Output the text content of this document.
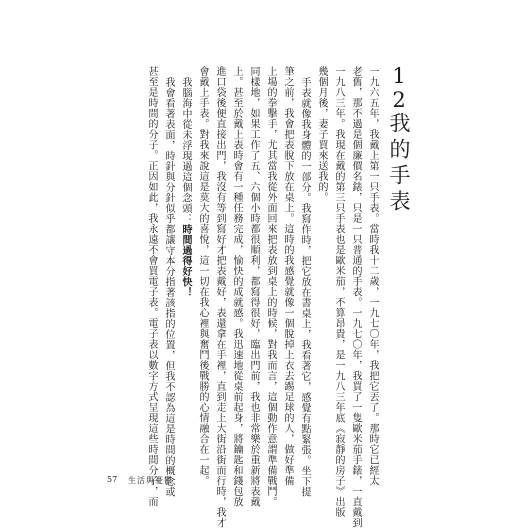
12我的手表
一九六五年，我戴上第一只手表。當時我十二歲，一九七〇年，我把它丟了。那時它已經太
老舊，那不過是個廉價名錶，只是一只普通的手表。一九七〇年，我買了一隻歐米茄手錶，一直戴到
一九八三年。我現在戴的第三只手表也是歐米茄，不算昂貴，是一九八三年底《寂靜的房子》出版
幾個月後，妻子買來送我的。
手表就像我身體的一部分。我寫作時，把它放在書桌上，我看著它，感覺有點緊張。坐下提
筆之前，我會把表脫下放在桌上。這時的我感覺就像一個脫掉上衣去踢足球的人，做好準備
上場的拳擊手，尤其當我從外面回來把表放到桌上的時候，對我而言，這個動作意謂準備戰鬥。
同樣地，如果工作了五、六個小時都很順利，都寫得很好，臨出門前，我也非常樂於重新將表戴
上。甚至於戴上表時會有一種任務完成，愉快的成就感。我迅速地從桌前起身，將鑰匙和錢包放
進口袋後便直接出門，我沒有等到寫好才把表戴好，表還拿在手裡，直到走上大街沿街而行時，我才
會戴上手表。對我來說這是莫大的喜悅，這一切在我心裡與奮鬥後戰勝的心情融合在一起。
我腦海中從未浮現過這個念頭：時間過得好快！
我會看著表面，時針與分針似乎都讓守本分指著該指的位置，但我不認為這是時間的概念或
甚至是時間的分子。正因如此，我永遠不會買電子表。電子表以數字方式呈現這些時間分子，而
57 生活與憂鬱
